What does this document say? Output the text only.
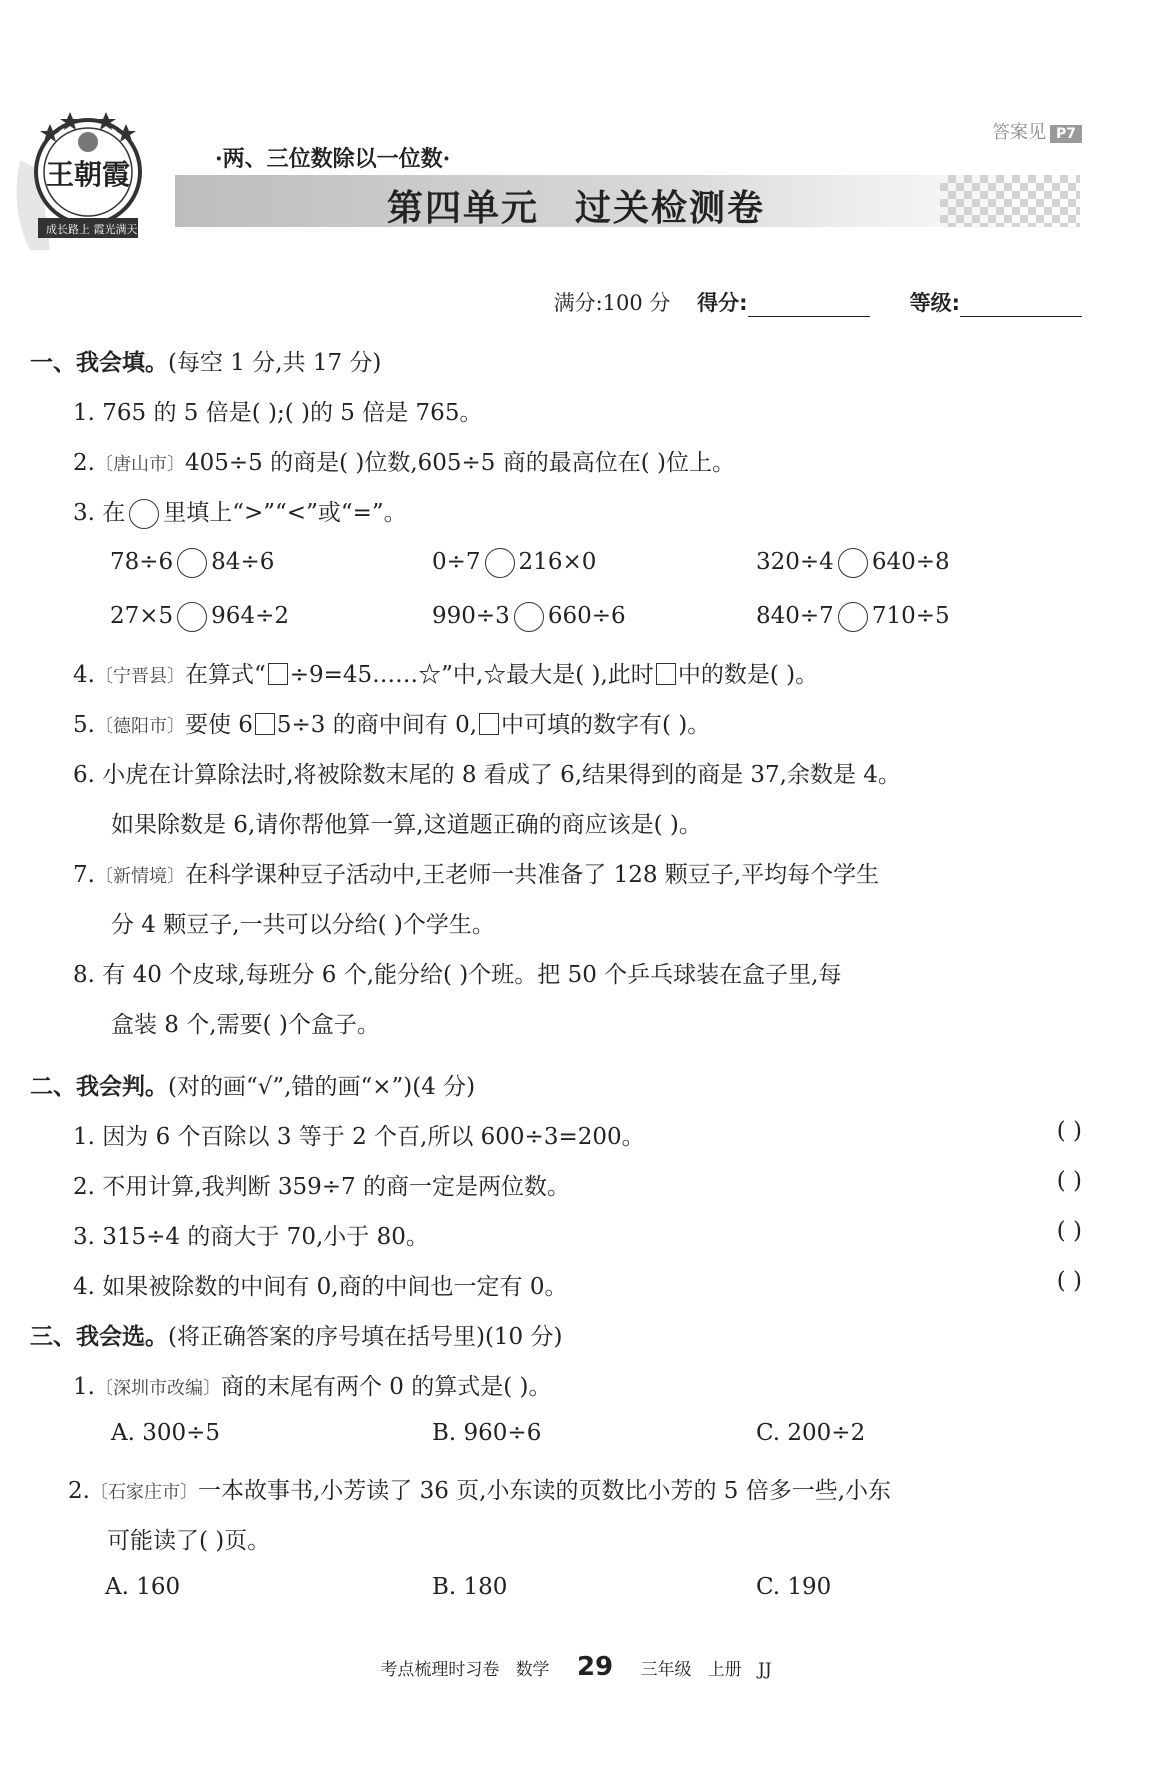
王朝霞
成长路上 霞光满天
答案见 P7
·两、三位数除以一位数·
第四单元 过关检测卷
满分:100 分 得分:	等级:
一、我会填。(每空 1 分,共 17 分)
1. 765 的 5 倍是( );( )的 5 倍是 765。
2.〔唐山市〕405÷5 的商是( )位数,605÷5 商的最高位在( )位上。
3. 在 里填上“>”“<”或“=”。
78÷6 84÷6	0÷7 216×0	320÷4 640÷8
27×5 964÷2	990÷3 660÷6	840÷7 710÷5
4.〔宁晋县〕在算式“ ÷9=45……☆”中,☆最大是( ),此时 中的数是( )。
5.〔德阳市〕要使 6 5÷3 的商中间有 0, 中可填的数字有( )。
6. 小虎在计算除法时,将被除数末尾的 8 看成了 6,结果得到的商是 37,余数是 4。
如果除数是 6,请你帮他算一算,这道题正确的商应该是( )。
7.〔新情境〕在科学课种豆子活动中,王老师一共准备了 128 颗豆子,平均每个学生
分 4 颗豆子,一共可以分给( )个学生。
8. 有 40 个皮球,每班分 6 个,能分给( )个班。把 50 个乒乓球装在盒子里,每
盒装 8 个,需要( )个盒子。
二、我会判。(对的画“√”,错的画“×”)(4 分)
1. 因为 6 个百除以 3 等于 2 个百,所以 600÷3=200。	( )
2. 不用计算,我判断 359÷7 的商一定是两位数。	( )
3. 315÷4 的商大于 70,小于 80。	( )
4. 如果被除数的中间有 0,商的中间也一定有 0。	( )
三、我会选。(将正确答案的序号填在括号里)(10 分)
1.〔深圳市改编〕商的末尾有两个 0 的算式是( )。
A. 300÷5	B. 960÷6	C. 200÷2
2.〔石家庄市〕一本故事书,小芳读了 36 页,小东读的页数比小芳的 5 倍多一些,小东
可能读了( )页。
A. 160	B. 180	C. 190
考点梳理时习卷 数学 29 三年级 上册 JJ
